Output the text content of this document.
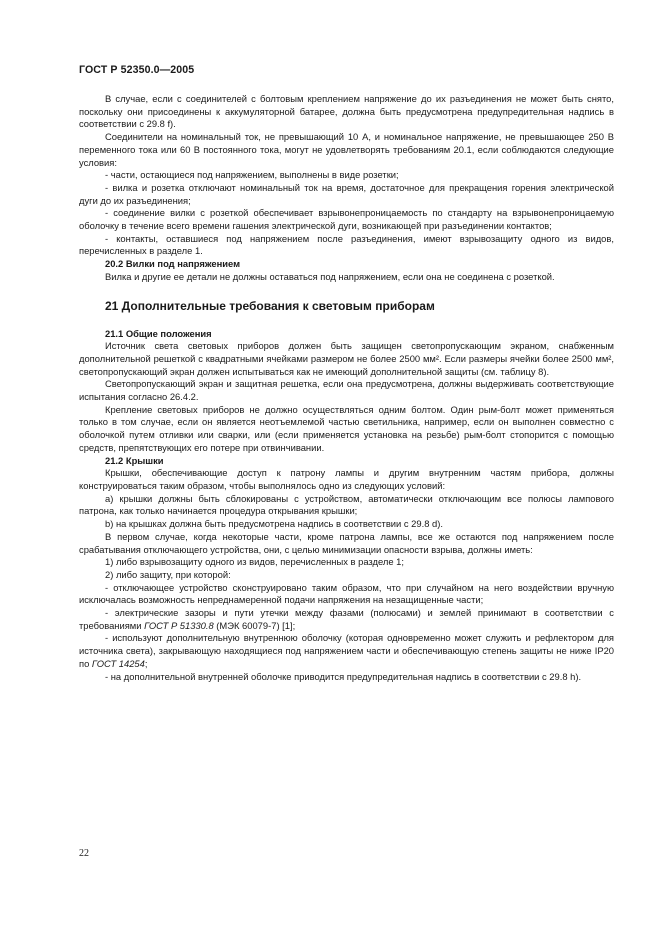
ГОСТ Р 52350.0—2005

В случае, если с соединителей с болтовым креплением напряжение до их разъединения не может быть снято, поскольку они присоединены к аккумуляторной батарее, должна быть предусмотрена предупредительная надпись в соответствии с 29.8 f).

Соединители на номинальный ток, не превышающий 10 А, и номинальное напряжение, не превышающее 250 В переменного тока или 60 В постоянного тока, могут не удовлетворять требованиям 20.1, если соблюдаются следующие условия:

- части, остающиеся под напряжением, выполнены в виде розетки;

- вилка и розетка отключают номинальный ток на время, достаточное для прекращения горения электрической дуги до их разъединения;

- соединение вилки с розеткой обеспечивает взрывонепроницаемость по стандарту на взрывонепроницаемую оболочку в течение всего времени гашения электрической дуги, возникающей при разъединении контактов;

- контакты, оставшиеся под напряжением после разъединения, имеют взрывозащиту одного из видов, перечисленных в разделе 1.

20.2 Вилки под напряжением

Вилка и другие ее детали не должны оставаться под напряжением, если она не соединена с розеткой.

21 Дополнительные требования к световым приборам

21.1 Общие положения

Источник света световых приборов должен быть защищен светопропускающим экраном, снабженным дополнительной решеткой с квадратными ячейками размером не более 2500 мм². Если размеры ячейки более 2500 мм², светопропускающий экран должен испытываться как не имеющий дополнительной защиты (см. таблицу 8).

Светопропускающий экран и защитная решетка, если она предусмотрена, должны выдерживать соответствующие испытания согласно 26.4.2.

Крепление световых приборов не должно осуществляться одним болтом. Один рым-болт может применяться только в том случае, если он является неотъемлемой частью светильника, например, если он выполнен совместно с оболочкой путем отливки или сварки, или (если применяется установка на резьбе) рым-болт стопорится с помощью средств, препятствующих его потере при отвинчивании.

21.2 Крышки

Крышки, обеспечивающие доступ к патрону лампы и другим внутренним частям прибора, должны конструироваться таким образом, чтобы выполнялось одно из следующих условий:

a) крышки должны быть сблокированы с устройством, автоматически отключающим все полюсы лампового патрона, как только начинается процедура открывания крышки;

b) на крышках должна быть предусмотрена надпись в соответствии с 29.8 d).

В первом случае, когда некоторые части, кроме патрона лампы, все же остаются под напряжением после срабатывания отключающего устройства, они, с целью минимизации опасности взрыва, должны иметь:

1) либо взрывозащиту одного из видов, перечисленных в разделе 1;

2) либо защиту, при которой:

- отключающее устройство сконструировано таким образом, что при случайном на него воздействии вручную исключалась возможность непреднамеренной подачи напряжения на незащищенные части;

- электрические зазоры и пути утечки между фазами (полюсами) и землей принимают в соответствии с требованиями ГОСТ Р 51330.8 (МЭК 60079-7) [1];

- используют дополнительную внутреннюю оболочку (которая одновременно может служить и рефлектором для источника света), закрывающую находящиеся под напряжением части и обеспечивающую степень защиты не ниже IP20 по ГОСТ 14254;

- на дополнительной внутренней оболочке приводится предупредительная надпись в соответствии с 29.8 h).

22
